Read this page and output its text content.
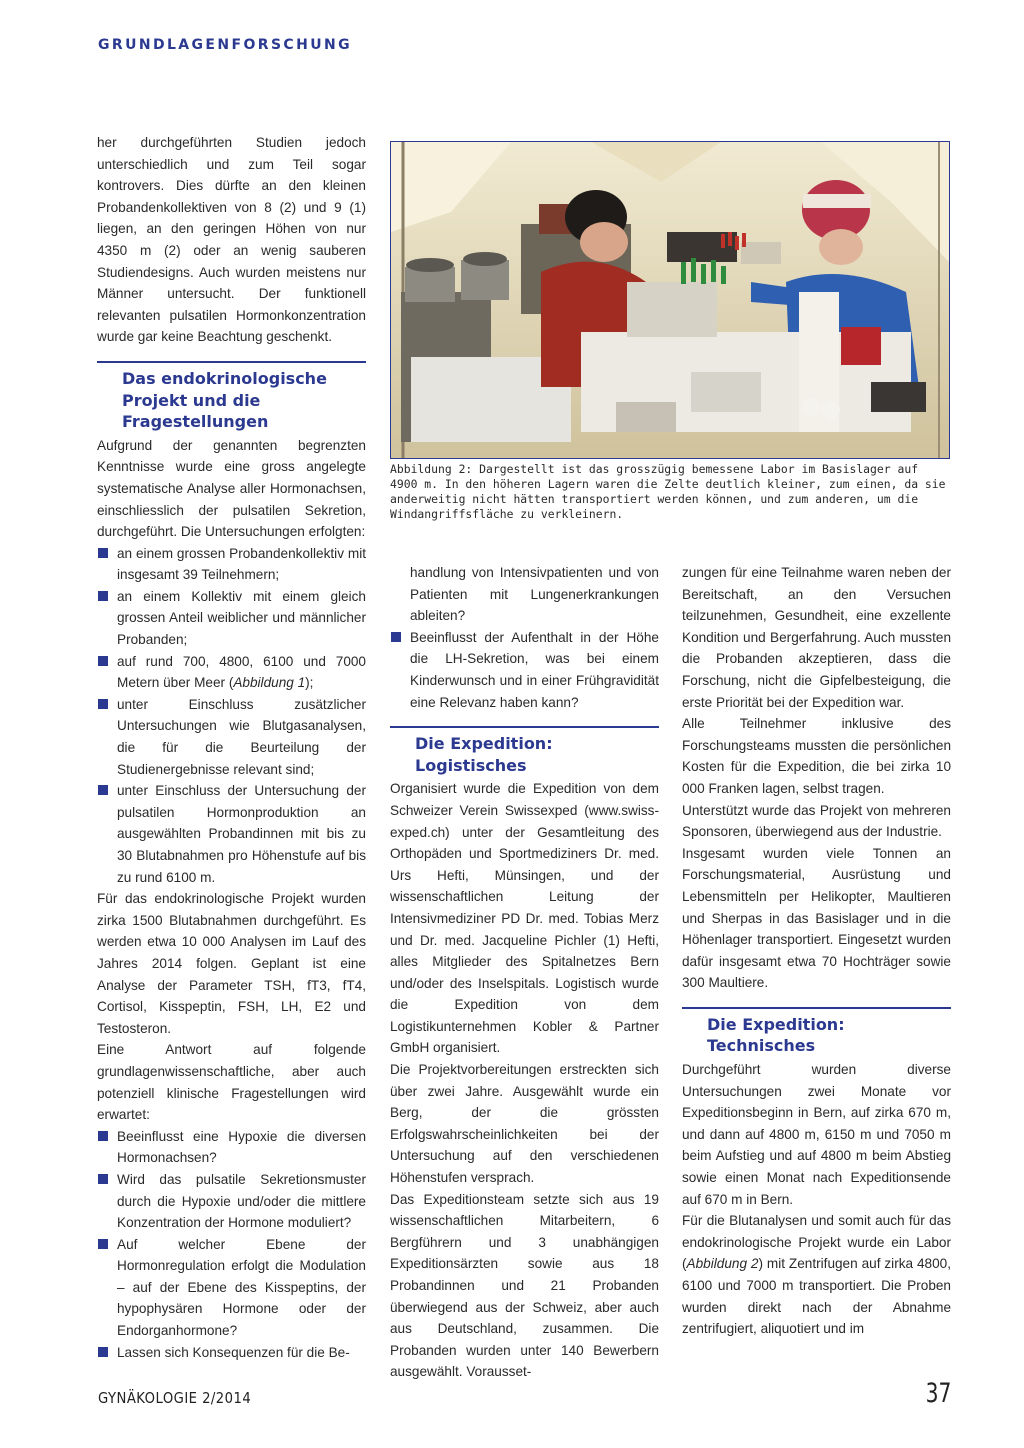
GRUNDLAGENFORSCHUNG

her durchgeführten Studien jedoch unterschiedlich und zum Teil sogar kontrovers. Dies dürfte an den kleinen Probandenkollektiven von 8 (2) und 9 (1) liegen, an den geringen Höhen von nur 4350 m (2) oder an wenig sauberen Studiendesigns. Auch wurden meistens nur Männer untersucht. Der funktionell relevanten pulsatilen Hormonkonzentration wurde gar keine Beachtung geschenkt.

Das endokrinologische Projekt und die Fragestellungen

Aufgrund der genannten begrenzten Kenntnisse wurde eine gross angelegte systematische Analyse aller Hormonachsen, einschliesslich der pulsatilen Sekretion, durchgeführt. Die Untersuchungen erfolgten:

an einem grossen Probandenkollektiv mit insgesamt 39 Teilnehmern;
an einem Kollektiv mit einem gleich grossen Anteil weiblicher und männlicher Probanden;
auf rund 700, 4800, 6100 und 7000 Metern über Meer (Abbildung 1);
unter Einschluss zusätzlicher Untersuchungen wie Blutgasanalysen, die für die Beurteilung der Studienergebnisse relevant sind;
unter Einschluss der Untersuchung der pulsatilen Hormonproduktion an ausgewählten Probandinnen mit bis zu 30 Blutabnahmen pro Höhenstufe auf bis zu rund 6100 m.

Für das endokrinologische Projekt wurden zirka 1500 Blutabnahmen durchgeführt. Es werden etwa 10 000 Analysen im Lauf des Jahres 2014 folgen. Geplant ist eine Analyse der Parameter TSH, fT3, fT4, Cortisol, Kisspeptin, FSH, LH, E2 und Testosteron.

Eine Antwort auf folgende grundlagenwissenschaftliche, aber auch potenziell klinische Fragestellungen wird erwartet:

Beeinflusst eine Hypoxie die diversen Hormonachsen?
Wird das pulsatile Sekretionsmuster durch die Hypoxie und/oder die mittlere Konzentration der Hormone moduliert?
Auf welcher Ebene der Hormonregulation erfolgt die Modulation – auf der Ebene des Kisspeptins, der hypophysären Hormone oder der Endorganhormone?
Lassen sich Konsequenzen für die Be-
Abbildung 2: Dargestellt ist das grosszügig bemessene Labor im Basislager auf 4900 m. In den höheren Lagern waren die Zelte deutlich kleiner, zum einen, da sie anderweitig nicht hätten transportiert werden können, und zum anderen, um die Windangriffsfläche zu verkleinern.

handlung von Intensivpatienten und von Patienten mit Lungenerkrankungen ableiten?

Beeinflusst der Aufenthalt in der Höhe die LH-Sekretion, was bei einem Kinderwunsch und in einer Frühgravidität eine Relevanz haben kann?
Die Expedition: Logistisches

Organisiert wurde die Expedition von dem Schweizer Verein Swissexped (www.swiss-exped.ch) unter der Gesamtleitung des Orthopäden und Sportmediziners Dr. med. Urs Hefti, Münsingen, und der wissenschaftlichen Leitung der Intensivmediziner PD Dr. med. Tobias Merz und Dr. med. Jacqueline Pichler (1) Hefti, alles Mitglieder des Spitalnetzes Bern und/oder des Inselspitals. Logistisch wurde die Expedition von dem Logistikunternehmen Kobler & Partner GmbH organisiert.

Die Projektvorbereitungen erstreckten sich über zwei Jahre. Ausgewählt wurde ein Berg, der die grössten Erfolgswahrscheinlichkeiten bei der Untersuchung auf den verschiedenen Höhenstufen versprach.

Das Expeditionsteam setzte sich aus 19 wissenschaftlichen Mitarbeitern, 6 Bergführern und 3 unabhängigen Expeditionsärzten sowie aus 18 Probandinnen und 21 Probanden überwiegend aus der Schweiz, aber auch aus Deutschland, zusammen. Die Probanden wurden unter 140 Bewerbern ausgewählt. Vorausset-

zungen für eine Teilnahme waren neben der Bereitschaft, an den Versuchen teilzunehmen, Gesundheit, eine exzellente Kondition und Bergerfahrung. Auch mussten die Probanden akzeptieren, dass die Forschung, nicht die Gipfelbesteigung, die erste Priorität bei der Expedition war.

Alle Teilnehmer inklusive des Forschungsteams mussten die persönlichen Kosten für die Expedition, die bei zirka 10 000 Franken lagen, selbst tragen.

Unterstützt wurde das Projekt von mehreren Sponsoren, überwiegend aus der Industrie.

Insgesamt wurden viele Tonnen an Forschungsmaterial, Ausrüstung und Lebensmitteln per Helikopter, Maultieren und Sherpas in das Basislager und in die Höhenlager transportiert. Eingesetzt wurden dafür insgesamt etwa 70 Hochträger sowie 300 Maultiere.

Die Expedition: Technisches

Durchgeführt wurden diverse Untersuchungen zwei Monate vor Expeditionsbeginn in Bern, auf zirka 670 m, und dann auf 4800 m, 6150 m und 7050 m beim Aufstieg und auf 4800 m beim Abstieg sowie einen Monat nach Expeditionsende auf 670 m in Bern.

Für die Blutanalysen und somit auch für das endokrinologische Projekt wurde ein Labor (Abbildung 2) mit Zentrifugen auf zirka 4800, 6100 und 7000 m transportiert. Die Proben wurden direkt nach der Abnahme zentrifugiert, aliquotiert und im

GYNÄKOLOGIE 2/2014	37
